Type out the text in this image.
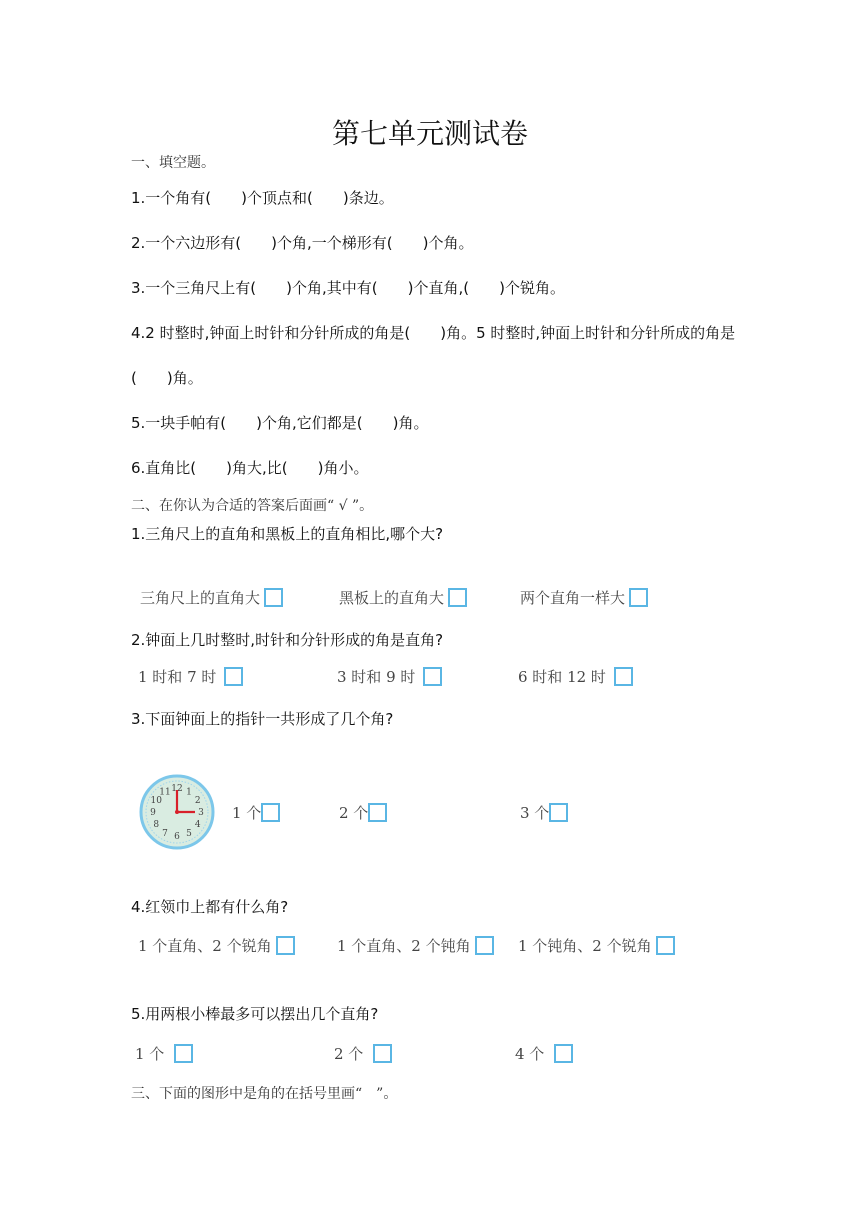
第七单元测试卷
一、填空题。
1.一个角有(　　)个顶点和(　　)条边。
2.一个六边形有(　　)个角,一个梯形有(　　)个角。
3.一个三角尺上有(　　)个角,其中有(　　)个直角,(　　)个锐角。
4.2 时整时,钟面上时针和分针所成的角是(　　)角。5 时整时,钟面上时针和分针所成的角是
(　　)角。
5.一块手帕有(　　)个角,它们都是(　　)角。
6.直角比(　　)角大,比(　　)角小。
二、在你认为合适的答案后面画“ √ ”。
1.三角尺上的直角和黑板上的直角相比,哪个大?
三角尺上的直角大	黑板上的直角大	两个直角一样大
2.钟面上几时整时,时针和分针形成的角是直角?
1 时和 7 时	3 时和 9 时	6 时和 12 时
3.下面钟面上的指针一共形成了几个角?
12 1
2
3
4
5
6
7
8
9
10
11
1 个	2 个	3 个
4.红领巾上都有什么角?
1 个直角、2 个锐角	1 个直角、2 个钝角	1 个钝角、2 个锐角
5.用两根小棒最多可以摆出几个直角?
1 个	2 个	4 个
三、下面的图形中是角的在括号里画“　”。
